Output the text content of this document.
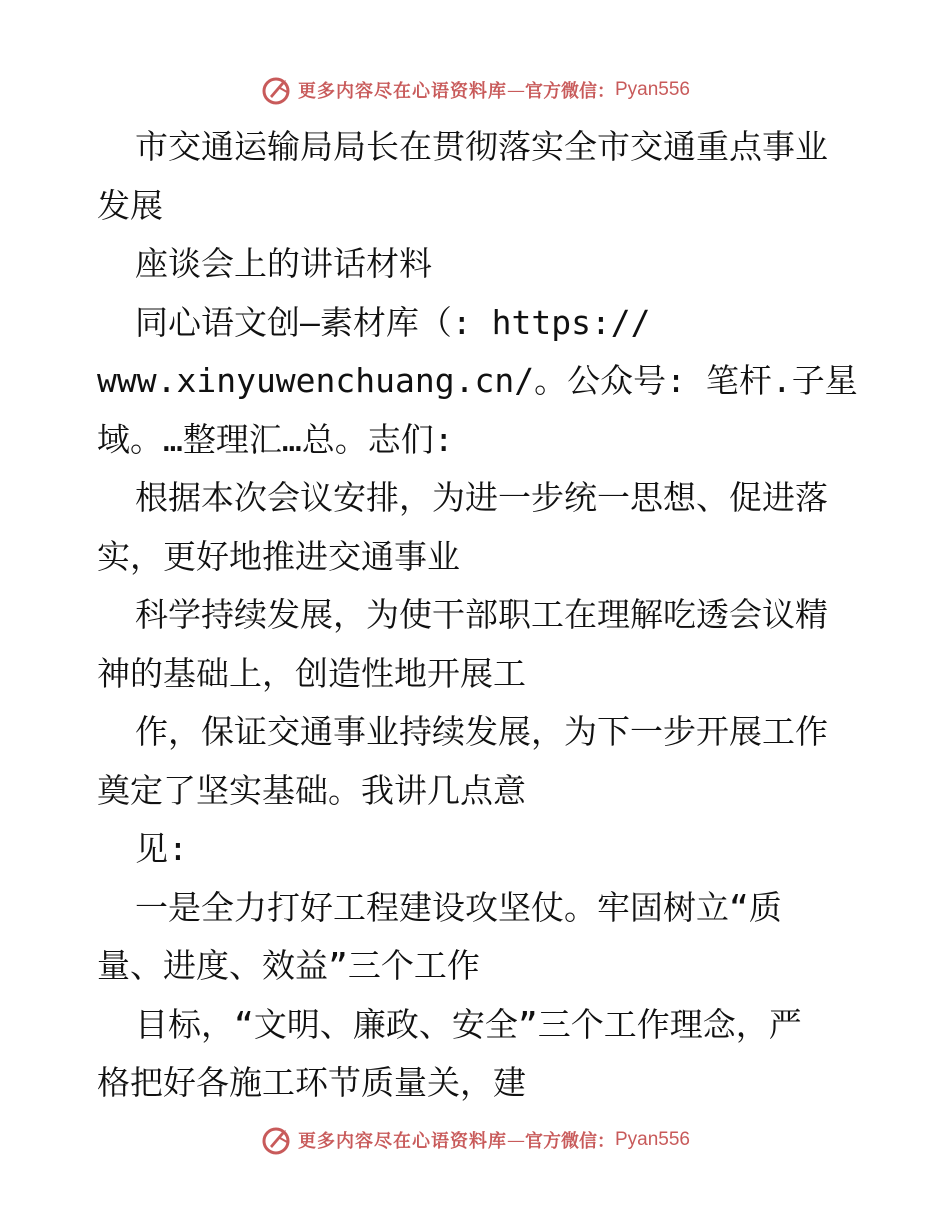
更多内容尽在心语资料库 — 官方微信： Pyan556
市交通运输局局长在贯彻落实全市交通重点事业
发展
座谈会上的讲话材料
同心语文创—素材库（: https://
www.xinyuwenchuang.cn/。公众号: 笔杆.子星
域。…整理汇…总。志们:
根据本次会议安排，为进一步统一思想、促进落
实，更好地推进交通事业
科学持续发展，为使干部职工在理解吃透会议精
神的基础上，创造性地开展工
作，保证交通事业持续发展，为下一步开展工作
奠定了坚实基础。我讲几点意
见:
一是全力打好工程建设攻坚仗。牢固树立“质
量、进度、效益”三个工作
目标，“文明、廉政、安全”三个工作理念，严
格把好各施工环节质量关，建
更多内容尽在心语资料库 — 官方微信： Pyan556
